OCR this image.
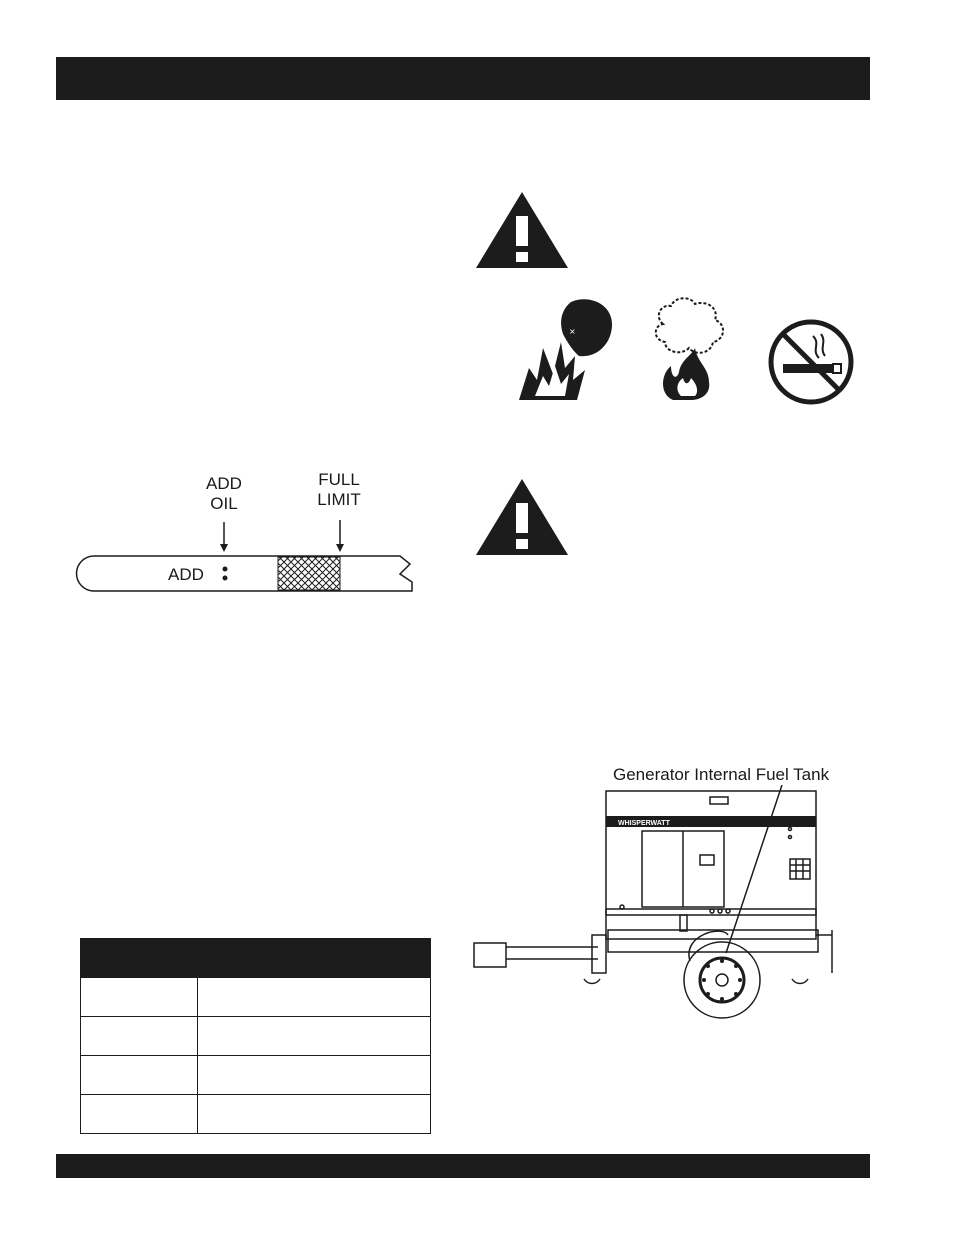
×
ADD
OIL
FULL
LIMIT
ADD
Generator Internal Fuel Tank
WHISPERWATT	45
